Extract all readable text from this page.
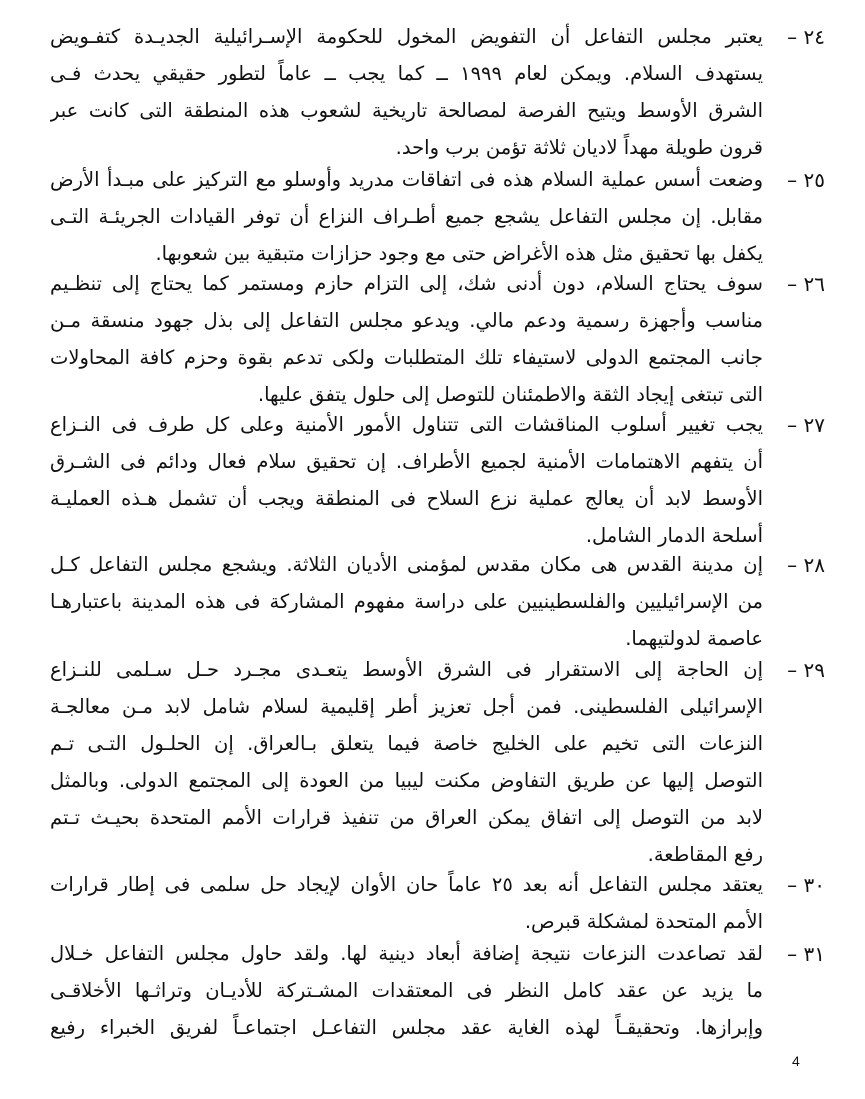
٢٤ –
يعتبر مجلس التفاعل أن التفويض المخول للحكومة الإسـرائيلية الجديـدة كتفـويض
يستهدف السلام. ويمكن لعام ١٩٩٩ ــ كما يجب ــ عاماً لتطور حقيقي يحدث فـى
الشرق الأوسط ويتيح الفرصة لمصالحة تاريخية لشعوب هذه المنطقة التى كانت عبر
قرون طويلة مهداً لاديان ثلاثة تؤمن برب واحد.
٢٥ –
وضعت أسس عملية السلام هذه فى اتفاقات مدريد وأوسلو مع التركيز على مبـدأ الأرض
مقابل. إن مجلس التفاعل يشجع جميع أطـراف النزاع أن توفر القيادات الجريئـة التـى
يكفل بها تحقيق مثل هذه الأغراض حتى مع وجود حزازات متبقية بين شعوبها.
٢٦ –
سوف يحتاج السلام، دون أدنى شك، إلى التزام حازم ومستمر كما يحتاج إلى تنظـيم
مناسب وأجهزة رسمية ودعم مالي. ويدعو مجلس التفاعل إلى بذل جهود منسقة مـن
جانب المجتمع الدولى لاستيفاء تلك المتطلبات ولكى تدعم بقوة وحزم كافة المحاولات
التى تبتغى إيجاد الثقة والاطمئنان للتوصل إلى حلول يتفق عليها.
٢٧ –
يجب تغيير أسلوب المناقشات التى تتناول الأمور الأمنية وعلى كل طرف فى النـزاع
أن يتفهم الاهتمامات الأمنية لجميع الأطراف. إن تحقيق سلام فعال ودائم فى الشـرق
الأوسط لابد أن يعالج عملية نزع السلاح فى المنطقة ويجب أن تشمل هـذه العمليـة
أسلحة الدمار الشامل.
٢٨ –
إن مدينة القدس هى مكان مقدس لمؤمنى الأديان الثلاثة. ويشجع مجلس التفاعل كـل
من الإسرائيليين والفلسطينيين على دراسة مفهوم المشاركة فى هذه المدينة باعتبارهـا
عاصمة لدولتيهما.
٢٩ –
إن الحاجة إلى الاستقرار فى الشرق الأوسط يتعـدى مجـرد حـل سـلمى للنـزاع
الإسرائيلى الفلسطينى. فمن أجل تعزيز أطر إقليمية لسلام شامل لابد مـن معالجـة
النزعات التى تخيم على الخليج خاصة فيما يتعلق بـالعراق. إن الحلـول التـى تـم
التوصل إليها عن طريق التفاوض مكنت ليبيا من العودة إلى المجتمع الدولى. وبالمثل
لابد من التوصل إلى اتفاق يمكن العراق من تنفيذ قرارات الأمم المتحدة بحيـث تـتم
رفع المقاطعة.
٣٠ –
يعتقد مجلس التفاعل أنه بعد ٢٥ عاماً حان الأوان لإيجاد حل سلمى فى إطار قرارات
الأمم المتحدة لمشكلة قبرص.
٣١ –
لقد تصاعدت النزعات نتيجة إضافة أبعاد دينية لها. ولقد حاول مجلس التفاعل خـلال
ما يزيد عن عقد كامل النظر فى المعتقدات المشـتركة للأديـان وتراثـها الأخلاقـى
وإبرازها. وتحقيقـاً لهذه الغاية عقد مجلس التفاعـل اجتماعـاً لفريق الخبراء رفيع
4
